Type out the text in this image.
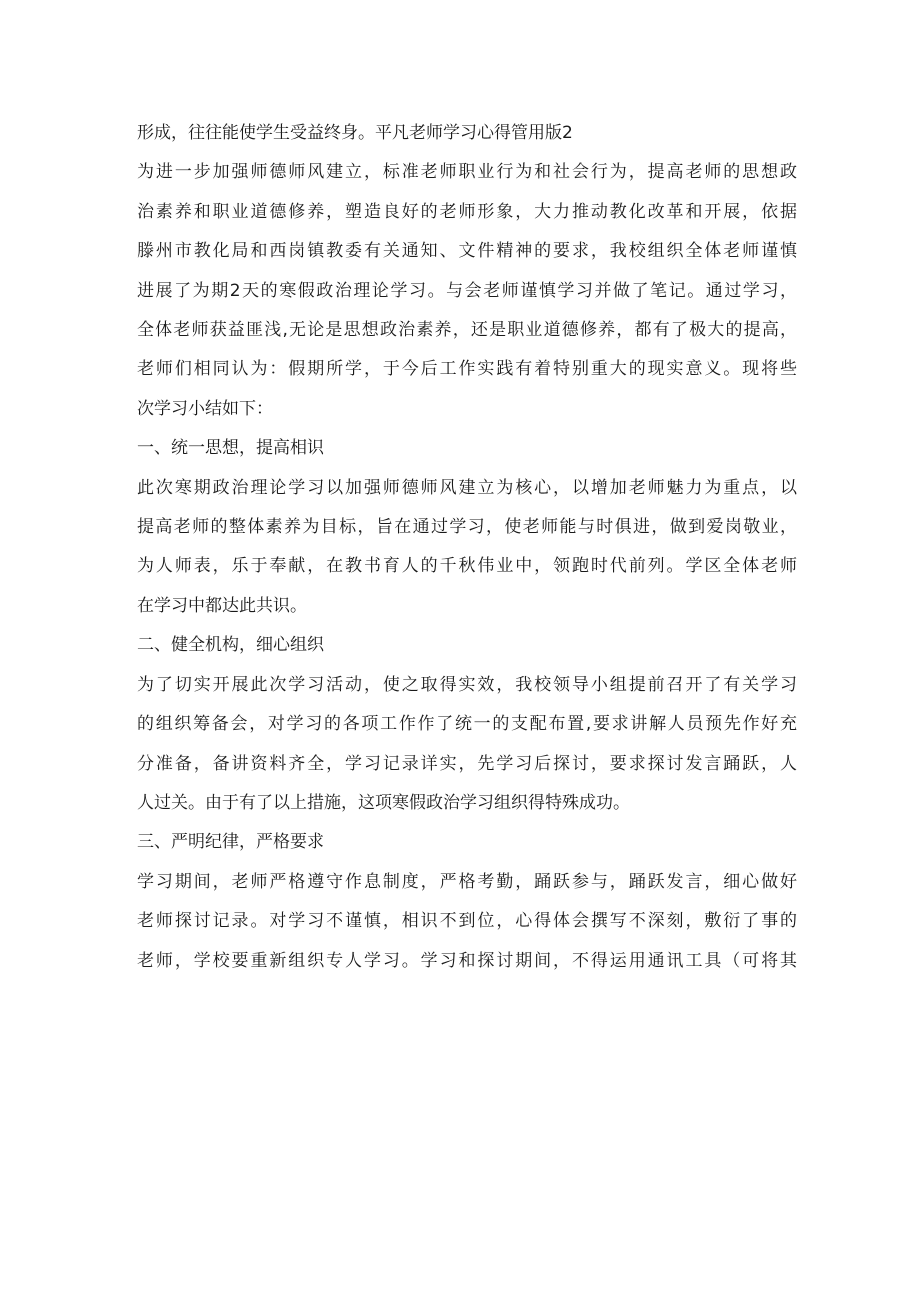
形成，往往能使学生受益终身。平凡老师学习心得管用版2
为进一步加强师德师风建立，标准老师职业行为和社会行为，提高老师的思想政
治素养和职业道德修养，塑造良好的老师形象，大力推动教化改革和开展，依据
滕州市教化局和西岗镇教委有关通知、文件精神的要求，我校组织全体老师谨慎
进展了为期2天的寒假政治理论学习。与会老师谨慎学习并做了笔记。通过学习，
全体老师获益匪浅,无论是思想政治素养，还是职业道德修养，都有了极大的提高，
老师们相同认为：假期所学，于今后工作实践有着特别重大的现实意义。现将些
次学习小结如下：
一、统一思想，提高相识
此次寒期政治理论学习以加强师德师风建立为核心，以增加老师魅力为重点，以
提高老师的整体素养为目标，旨在通过学习，使老师能与时俱进，做到爱岗敬业，
为人师表，乐于奉献，在教书育人的千秋伟业中，领跑时代前列。学区全体老师
在学习中都达此共识。
二、健全机构，细心组织
为了切实开展此次学习活动，使之取得实效，我校领导小组提前召开了有关学习
的组织筹备会，对学习的各项工作作了统一的支配布置,要求讲解人员预先作好充
分准备，备讲资料齐全，学习记录详实，先学习后探讨，要求探讨发言踊跃，人
人过关。由于有了以上措施，这项寒假政治学习组织得特殊成功。
三、严明纪律，严格要求
学习期间，老师严格遵守作息制度，严格考勤，踊跃参与，踊跃发言，细心做好
老师探讨记录。对学习不谨慎，相识不到位，心得体会撰写不深刻，敷衍了事的
老师，学校要重新组织专人学习。学习和探讨期间，不得运用通讯工具（可将其
